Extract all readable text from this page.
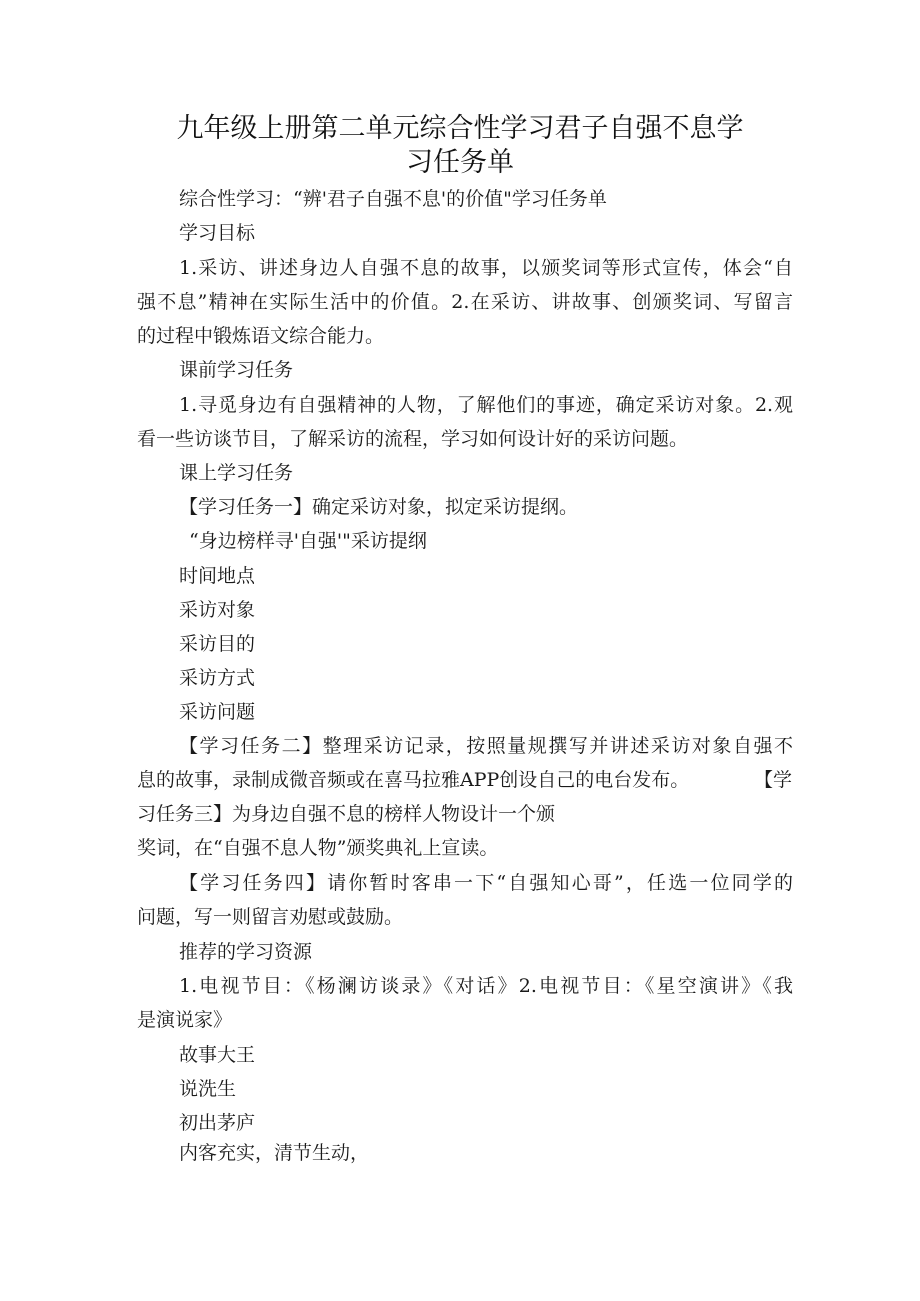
九年级上册第二单元综合性学习君子自强不息学
习任务单
综合性学习：“辨'君子自强不息'的价值"学习任务单
学习目标
1.采访、讲述身边人自强不息的故事，以颁奖词等形式宣传，体会“自
强不息”精神在实际生活中的价值。2.在采访、讲故事、创颁奖词、写留言
的过程中锻炼语文综合能力。
课前学习任务
1.寻觅身边有自强精神的人物，了解他们的事迹，确定采访对象。2.观
看一些访谈节目，了解采访的流程，学习如何设计好的采访问题。
课上学习任务
【学习任务一】确定采访对象，拟定采访提纲。
“身边榜样寻'自强'"采访提纲
时间地点
采访对象
采访目的
采访方式
采访问题
【学习任务二】整理采访记录，按照量规撰写并讲述采访对象自强不
息的故事，录制成微音频或在喜马拉雅APP创设自己的电台发布。	【学
习任务三】为身边自强不息的榜样人物设计一个颁
奖词，在“自强不息人物”颁奖典礼上宣读。
【学习任务四】请你暂时客串一下“自强知心哥”，任选一位同学的
问题，写一则留言劝慰或鼓励。
推荐的学习资源
1.电视节目：《杨澜访谈录》《对话》2.电视节目：《星空演讲》《我
是演说家》
故事大王
说洗生
初出茅庐
内客充实，清节生动，
